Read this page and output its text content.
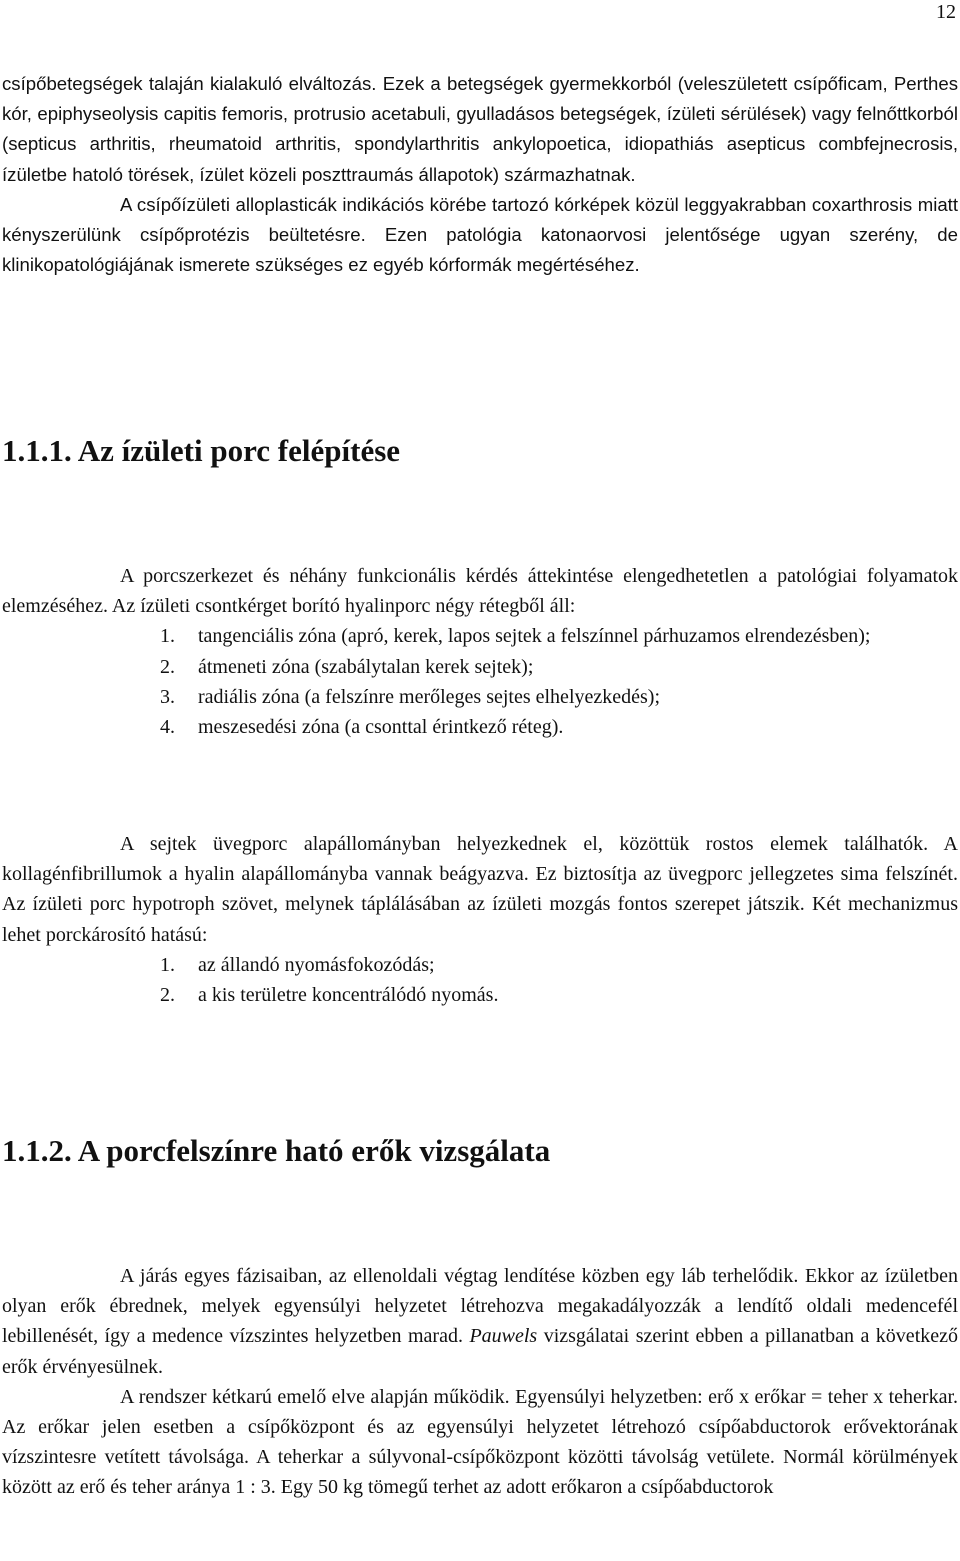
12

csípőbetegségek talaján kialakuló elváltozás. Ezek a betegségek gyermekkorból (veleszületett csípőficam, Perthes kór, epiphyseolysis capitis femoris, protrusio acetabuli, gyulladásos betegségek, ízületi sérülések) vagy felnőttkorból (septicus arthritis, rheumatoid arthritis, spondylarthritis ankylopoetica, idiopathiás asepticus combfejnecrosis, ízületbe hatoló törések, ízület közeli poszttraumás állapotok) származhatnak.

A csípőízületi alloplasticák indikációs körébe tartozó kórképek közül leggyakrabban coxarthrosis miatt kényszerülünk csípőprotézis beültetésre. Ezen patológia katonaorvosi jelentősége ugyan szerény, de klinikopatológiájának ismerete szükséges ez egyéb kórformák megértéséhez.

1.1.1. Az ízületi porc felépítése

A porcszerkezet és néhány funkcionális kérdés áttekintése elengedhetetlen a patológiai folyamatok elemzéséhez. Az ízületi csontkérget borító hyalinporc négy rétegből áll:

1. tangenciális zóna (apró, kerek, lapos sejtek a felszínnel párhuzamos elrendezésben);
2. átmeneti zóna (szabálytalan kerek sejtek);
3. radiális zóna (a felszínre merőleges sejtes elhelyezkedés);
4. meszesedési zóna (a csonttal érintkező réteg).

A sejtek üvegporc alapállományban helyezkednek el, közöttük rostos elemek találhatók. A kollagénfibrillumok a hyalin alapállományba vannak beágyazva. Ez biztosítja az üvegporc jellegzetes sima felszínét. Az ízületi porc hypotroph szövet, melynek táplálásában az ízületi mozgás fontos szerepet játszik. Két mechanizmus lehet porckárosító hatású:

1. az állandó nyomásfokozódás;
2. a kis területre koncentrálódó nyomás.
1.1.2. A porcfelszínre ható erők vizsgálata

A járás egyes fázisaiban, az ellenoldali végtag lendítése közben egy láb terhelődik. Ekkor az ízületben olyan erők ébrednek, melyek egyensúlyi helyzetet létrehozva megakadályozzák a lendítő oldali medencefél lebillenését, így a medence vízszintes helyzetben marad. Pauwels vizsgálatai szerint ebben a pillanatban a következő erők érvényesülnek.

A rendszer kétkarú emelő elve alapján működik. Egyensúlyi helyzetben: erő x erőkar = teher x teherkar. Az erőkar jelen esetben a csípőközpont és az egyensúlyi helyzetet létrehozó csípőabductorok erővektorának vízszintesre vetített távolsága. A teherkar a súlyvonal-csípőközpont közötti távolság vetülete. Normál körülmények között az erő és teher aránya 1 : 3. Egy 50 kg tömegű terhet az adott erőkaron a csípőabductorok
